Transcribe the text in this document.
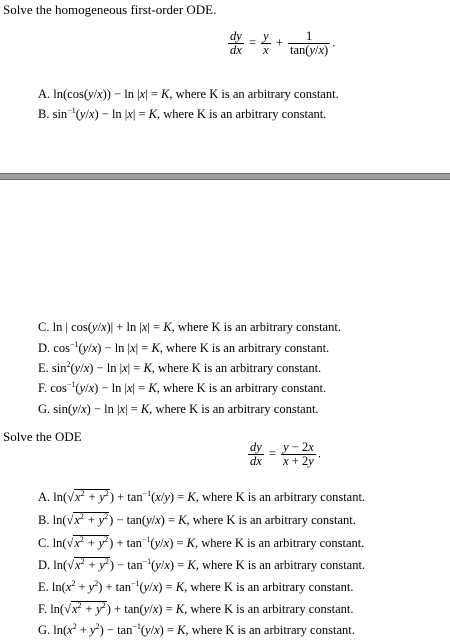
Solve the homogeneous first-order ODE.
$\frac{dy}{dx} = \frac{y}{x} + \frac{1}{\tan(y/x)}$ .
A. ln(cos(y/x)) − ln |x| = K, where K is an arbitrary constant.
B. $\sin^{-1}(y/x) - \ln |x| = K$, where K is an arbitrary constant.
C. ln | cos(y/x)| + ln |x| = K, where K is an arbitrary constant.
D. $\cos^{-1}(y/x) - \ln |x| = K$, where K is an arbitrary constant.
E. $\sin^2(y/x) - \ln |x| = K$, where K is an arbitrary constant.
F. $\cos^{-1}(y/x) - \ln |x| = K$, where K is an arbitrary constant.
G. sin(y/x) − ln |x| = K, where K is an arbitrary constant.
Solve the ODE
$\frac{dy}{dx} = \frac{y - 2x}{x + 2y}$ .
A. $\ln(√x^2 + y^2) + \tan^{-1}(x/y) = K$, where K is an arbitrary constant.
B. $\ln(√x^2 + y^2) - \tan(y/x) = K$, where K is an arbitrary constant.
C. $\ln(√x^2 + y^2) + \tan^{-1}(y/x) = K$, where K is an arbitrary constant.
D. $\ln(√x^2 + y^2) - \tan^{-1}(y/x) = K$, where K is an arbitrary constant.
E. $\ln(x^2 + y^2) + \tan^{-1}(y/x) = K$, where K is an arbitrary constant.
F. $\ln(√x^2 + y^2) + \tan(y/x) = K$, where K is an arbitrary constant.
G. $\ln(x^2 + y^2) - \tan^{-1}(y/x) = K$, where K is an arbitrary constant.
